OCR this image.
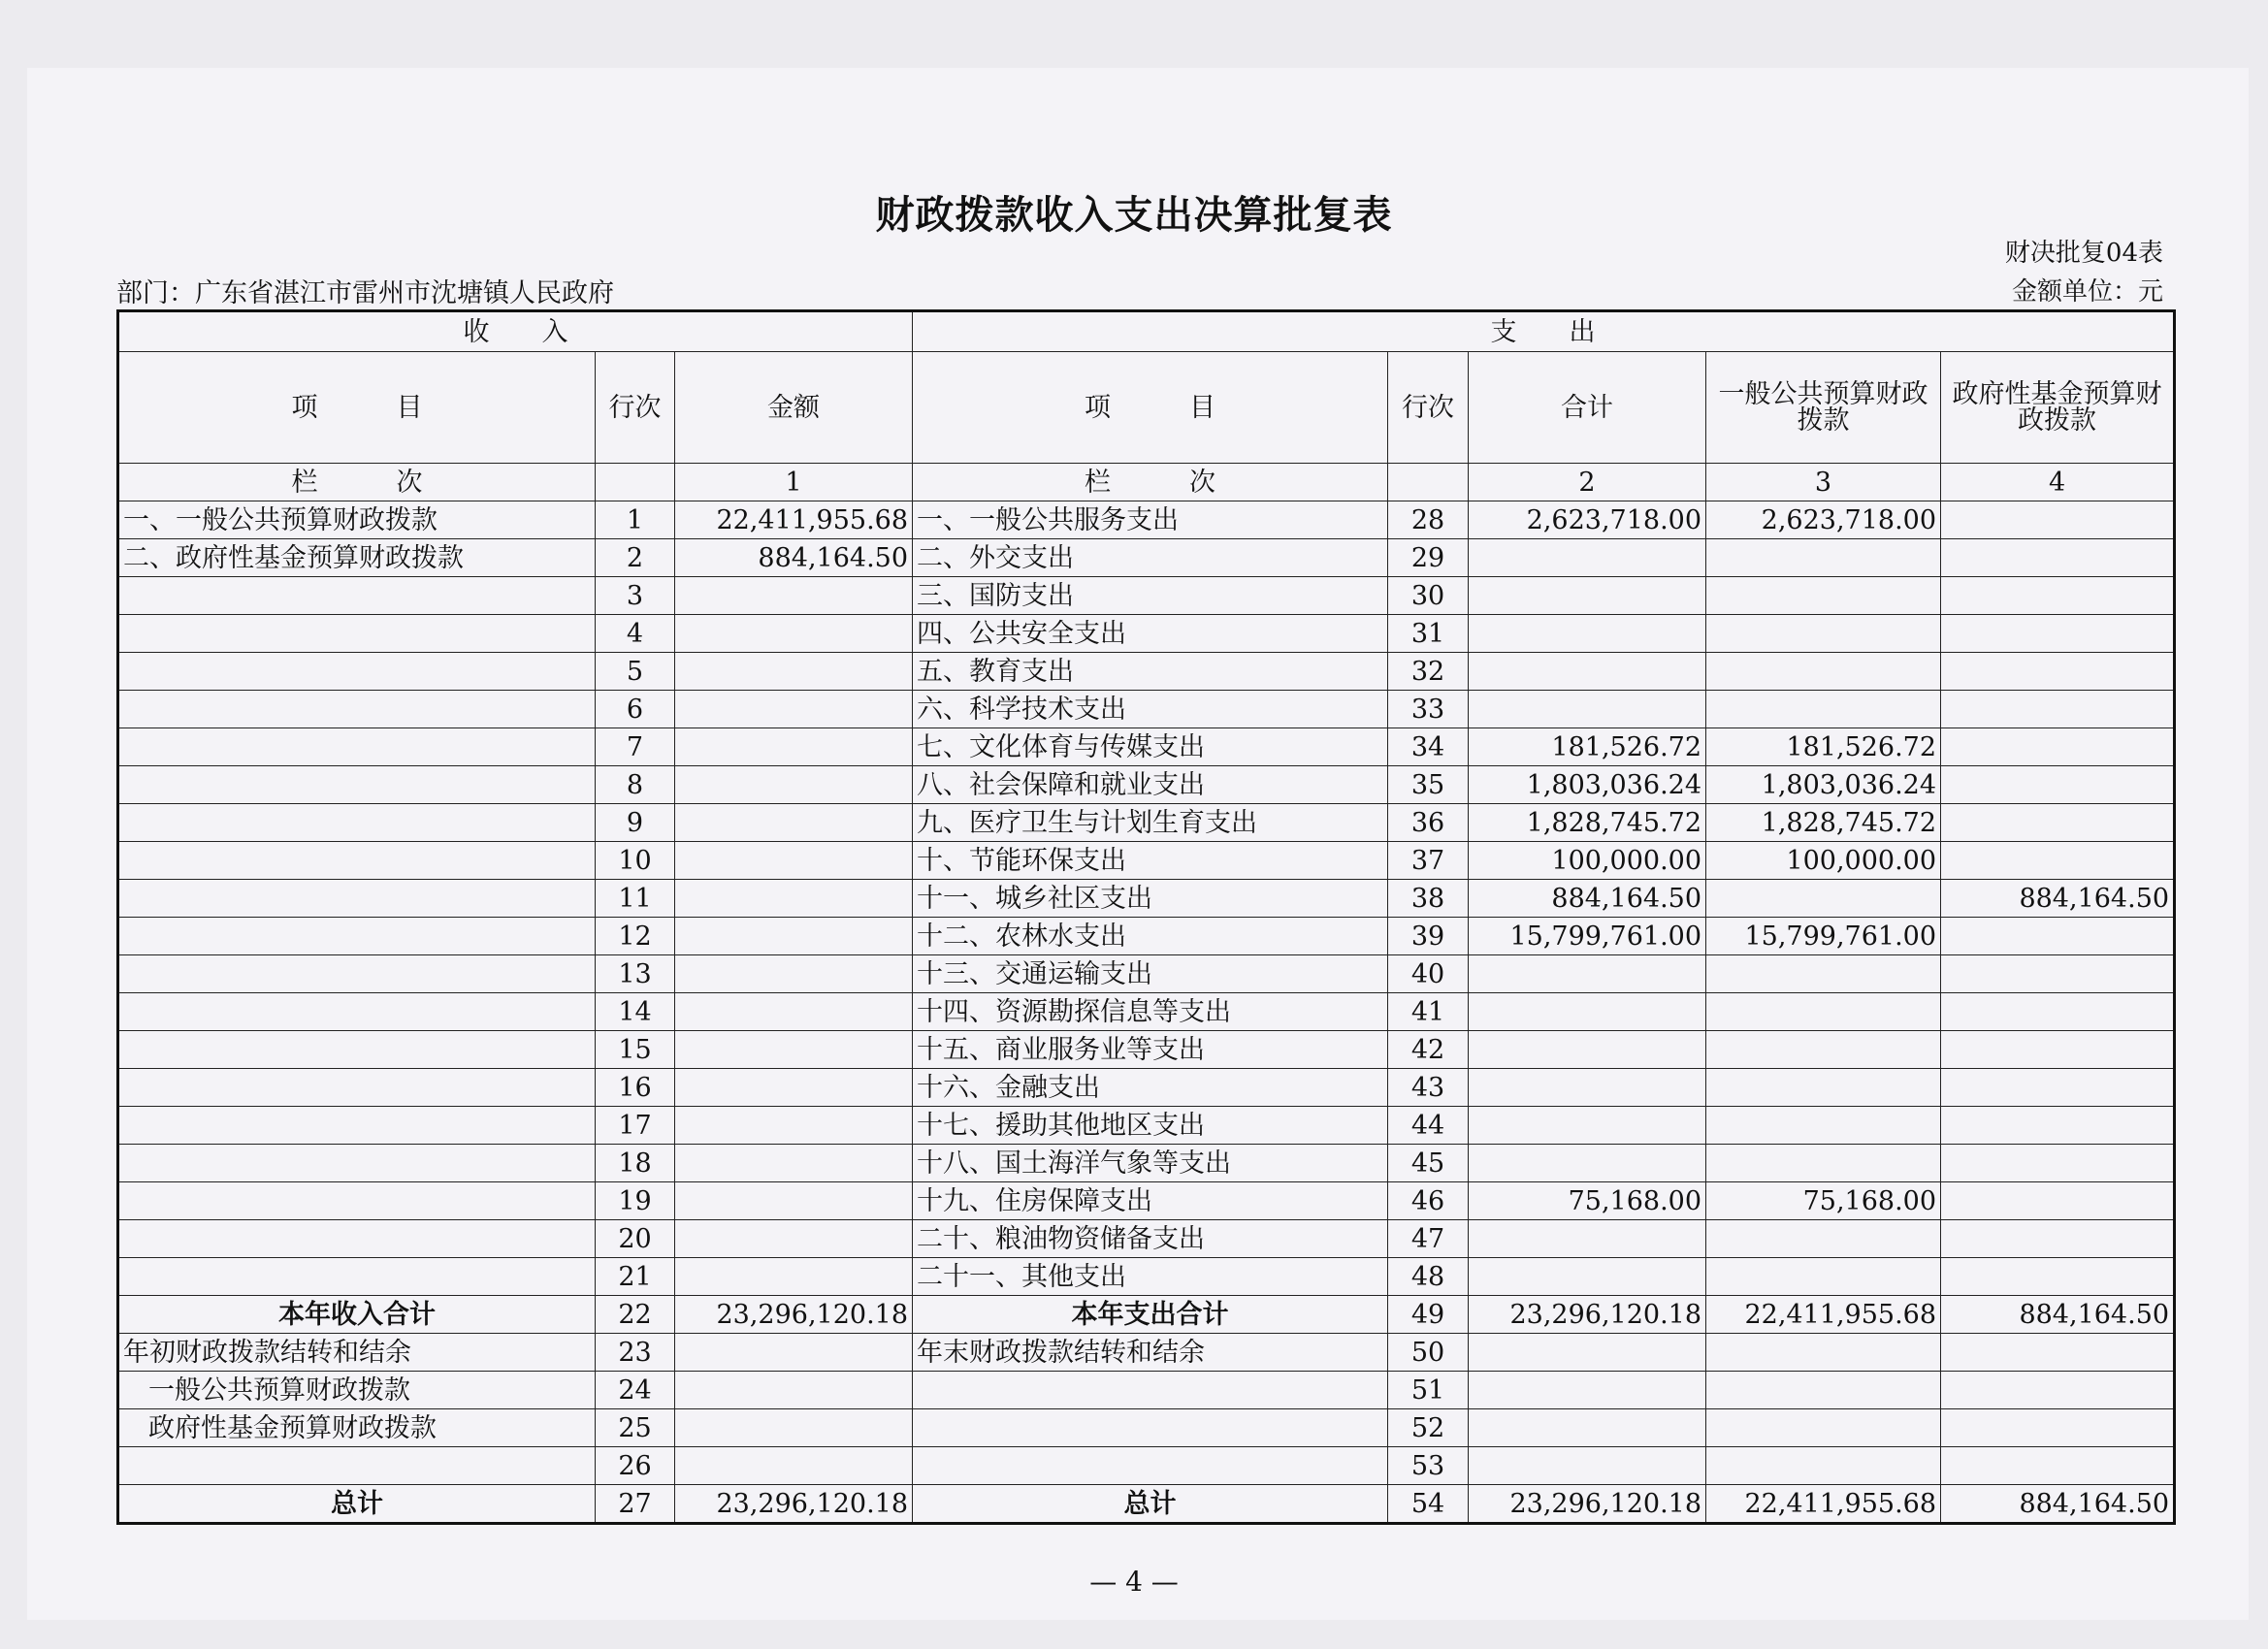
财政拨款收入支出决算批复表
财决批复04表
部门：广东省湛江市雷州市沈塘镇人民政府	金额单位：元
收　　入			支　　出				
项　　　目	行次	金额	项　　　目	行次	合计	一般公共预算财政拨款	政府性基金预算财政拨款
栏　　　次		1	栏　　　次		2	3	4
一、一般公共预算财政拨款	1	22,411,955.68	一、一般公共服务支出	28	2,623,718.00	2,623,718.00	
二、政府性基金预算财政拨款	2	884,164.50	二、外交支出	29			
	3		三、国防支出	30			
	4		四、公共安全支出	31			
	5		五、教育支出	32			
	6		六、科学技术支出	33			
	7		七、文化体育与传媒支出	34	181,526.72	181,526.72	
	8		八、社会保障和就业支出	35	1,803,036.24	1,803,036.24	
	9		九、医疗卫生与计划生育支出	36	1,828,745.72	1,828,745.72	
	10		十、节能环保支出	37	100,000.00	100,000.00	
	11		十一、城乡社区支出	38	884,164.50		884,164.50
	12		十二、农林水支出	39	15,799,761.00	15,799,761.00	
	13		十三、交通运输支出	40			
	14		十四、资源勘探信息等支出	41			
	15		十五、商业服务业等支出	42			
	16		十六、金融支出	43			
	17		十七、援助其他地区支出	44			
	18		十八、国土海洋气象等支出	45			
	19		十九、住房保障支出	46	75,168.00	75,168.00	
	20		二十、粮油物资储备支出	47			
	21		二十一、其他支出	48			
本年收入合计	22	23,296,120.18	本年支出合计	49	23,296,120.18	22,411,955.68	884,164.50
年初财政拨款结转和结余	23		年末财政拨款结转和结余	50			
一般公共预算财政拨款	24			51			
政府性基金预算财政拨款	25			52			
	26			53			
总计	27	23,296,120.18	总计	54	23,296,120.18	22,411,955.68	884,164.50
— 4 —
